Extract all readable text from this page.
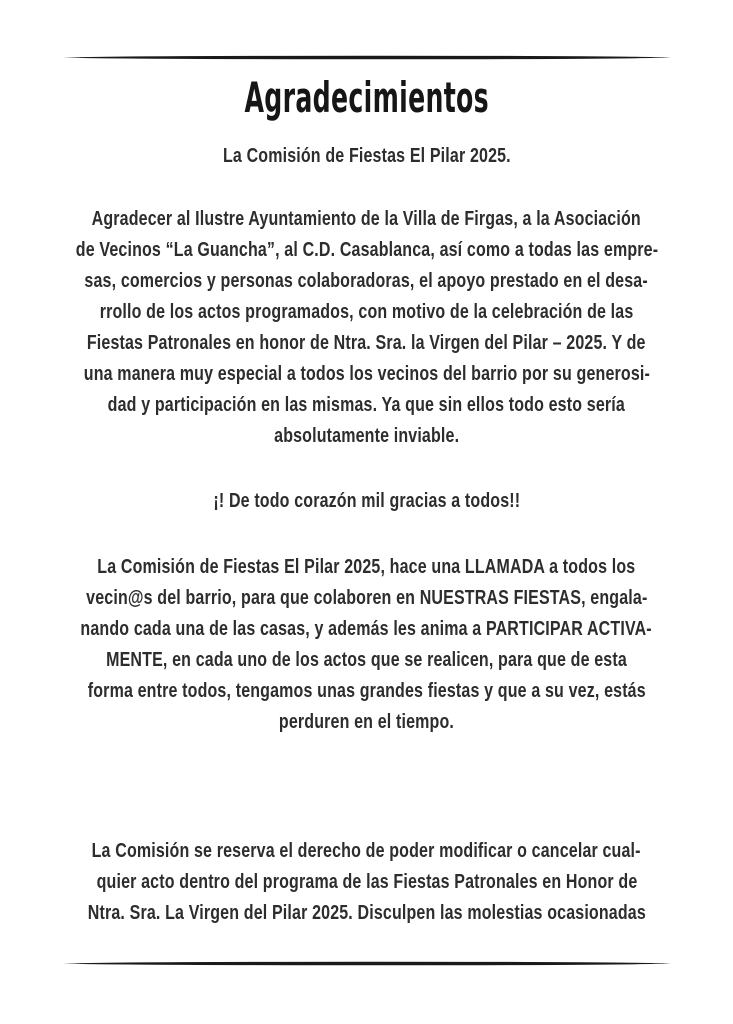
Agradecimientos
La Comisión de Fiestas El Pilar 2025.
Agradecer al Ilustre Ayuntamiento de la Villa de Firgas, a la Asociación
de Vecinos “La Guancha”, al C.D. Casablanca, así como a todas las empre-
sas, comercios y personas colaboradoras, el apoyo prestado en el desa-
rrollo de los actos programados, con motivo de la celebración de las
Fiestas Patronales en honor de Ntra. Sra. la Virgen del Pilar – 2025. Y de
una manera muy especial a todos los vecinos del barrio por su generosi-
dad y participación en las mismas. Ya que sin ellos todo esto sería
absolutamente inviable.
¡! De todo corazón mil gracias a todos!!
La Comisión de Fiestas El Pilar 2025, hace una LLAMADA a todos los
vecin@s del barrio, para que colaboren en NUESTRAS FIESTAS, engala-
nando cada una de las casas, y además les anima a PARTICIPAR ACTIVA-
MENTE, en cada uno de los actos que se realicen, para que de esta
forma entre todos, tengamos unas grandes fiestas y que a su vez, estás
perduren en el tiempo.
La Comisión se reserva el derecho de poder modificar o cancelar cual-
quier acto dentro del programa de las Fiestas Patronales en Honor de
Ntra. Sra. La Virgen del Pilar 2025. Disculpen las molestias ocasionadas
